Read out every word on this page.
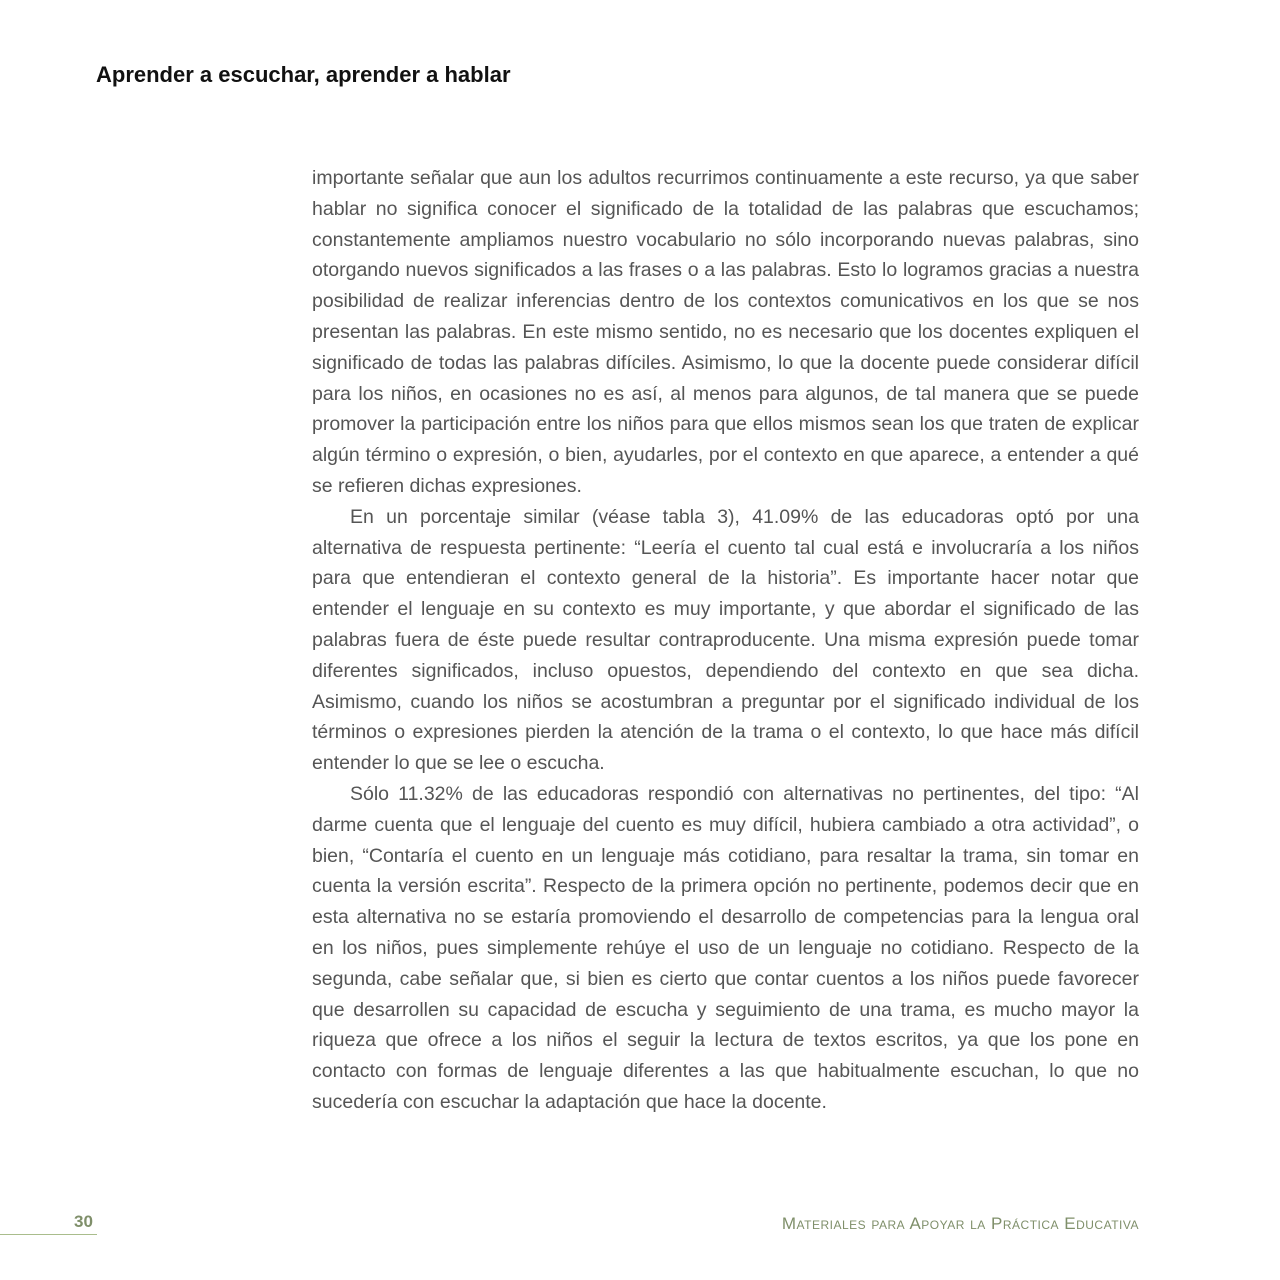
Aprender a escuchar, aprender a hablar

importante señalar que aun los adultos recurrimos continuamente a este recurso, ya que saber hablar no significa conocer el significado de la totalidad de las palabras que escuchamos; constantemente ampliamos nuestro vocabulario no sólo incorporando nuevas palabras, sino otorgando nuevos significados a las frases o a las palabras. Esto lo logramos gracias a nuestra posibilidad de realizar inferencias dentro de los contextos comunicativos en los que se nos presentan las palabras. En este mismo sentido, no es necesario que los docentes expliquen el significado de todas las palabras difíciles. Asimismo, lo que la docente puede considerar difícil para los niños, en ocasiones no es así, al menos para algunos, de tal manera que se puede promover la participación entre los niños para que ellos mismos sean los que traten de explicar algún término o expresión, o bien, ayudarles, por el contexto en que aparece, a entender a qué se refieren dichas expresiones.

En un porcentaje similar (véase tabla 3), 41.09% de las educadoras optó por una alternativa de respuesta pertinente: “Leería el cuento tal cual está e involucraría a los niños para que entendieran el contexto general de la historia”. Es importante hacer notar que entender el lenguaje en su contexto es muy importante, y que abordar el significado de las palabras fuera de éste puede resultar contraproducente. Una misma expresión puede tomar diferentes significados, incluso opuestos, dependiendo del contexto en que sea dicha. Asimismo, cuando los niños se acostumbran a preguntar por el significado individual de los términos o expresiones pierden la atención de la trama o el contexto, lo que hace más difícil entender lo que se lee o escucha.

Sólo 11.32% de las educadoras respondió con alternativas no pertinentes, del tipo: “Al darme cuenta que el lenguaje del cuento es muy difícil, hubiera cambiado a otra actividad”, o bien, “Contaría el cuento en un lenguaje más cotidiano, para resaltar la trama, sin tomar en cuenta la versión escrita”. Respecto de la primera opción no pertinente, podemos decir que en esta alternativa no se estaría promoviendo el desarrollo de competencias para la lengua oral en los niños, pues simplemente rehúye el uso de un lenguaje no cotidiano. Respecto de la segunda, cabe señalar que, si bien es cierto que contar cuentos a los niños puede favorecer que desarrollen su capacidad de escucha y seguimiento de una trama, es mucho mayor la riqueza que ofrece a los niños el seguir la lectura de textos escritos, ya que los pone en contacto con formas de lenguaje diferentes a las que habitualmente escuchan, lo que no sucedería con escuchar la adaptación que hace la docente.

30	Materiales para Apoyar la Práctica Educativa
